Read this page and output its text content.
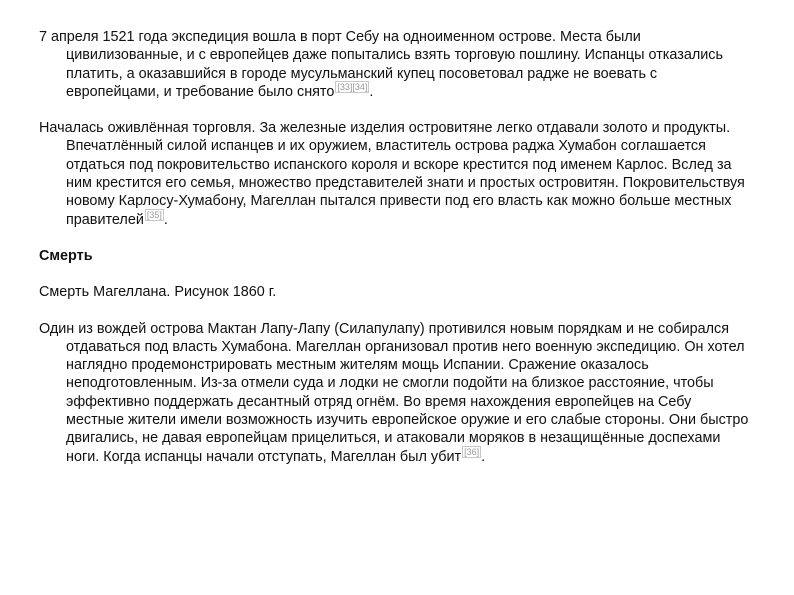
7 апреля 1521 года экспедиция вошла в порт Себу на одноименном острове. Места были цивилизованные, и с европейцев даже попытались взять торговую пошлину. Испанцы отказались платить, а оказавшийся в городе мусульманский купец посоветовал радже не воевать с европейцами, и требование было снято [33][34] .

Началась оживлённая торговля. За железные изделия островитяне легко отдавали золото и продукты. Впечатлённый силой испанцев и их оружием, властитель острова раджа Хумабон соглашается отдаться под покровительство испанского короля и вскоре крестится под именем Карлос. Вслед за ним крестится его семья, множество представителей знати и простых островитян. Покровительствуя новому Карлосу-Хумабону, Магеллан пытался привести под его власть как можно больше местных правителей [35] .

Смерть

Смерть Магеллана. Рисунок 1860 г.

Один из вождей острова Мактан Лапу-Лапу (Силапулапу) противился новым порядкам и не собирался отдаваться под власть Хумабона. Магеллан организовал против него военную экспедицию. Он хотел наглядно продемонстрировать местным жителям мощь Испании. Сражение оказалось неподготовленным. Из-за отмели суда и лодки не смогли подойти на близкое расстояние, чтобы эффективно поддержать десантный отряд огнём. Во время нахождения европейцев на Себу местные жители имели возможность изучить европейское оружие и его слабые стороны. Они быстро двигались, не давая европейцам прицелиться, и атаковали моряков в незащищённые доспехами ноги. Когда испанцы начали отступать, Магеллан был убит [36] .
